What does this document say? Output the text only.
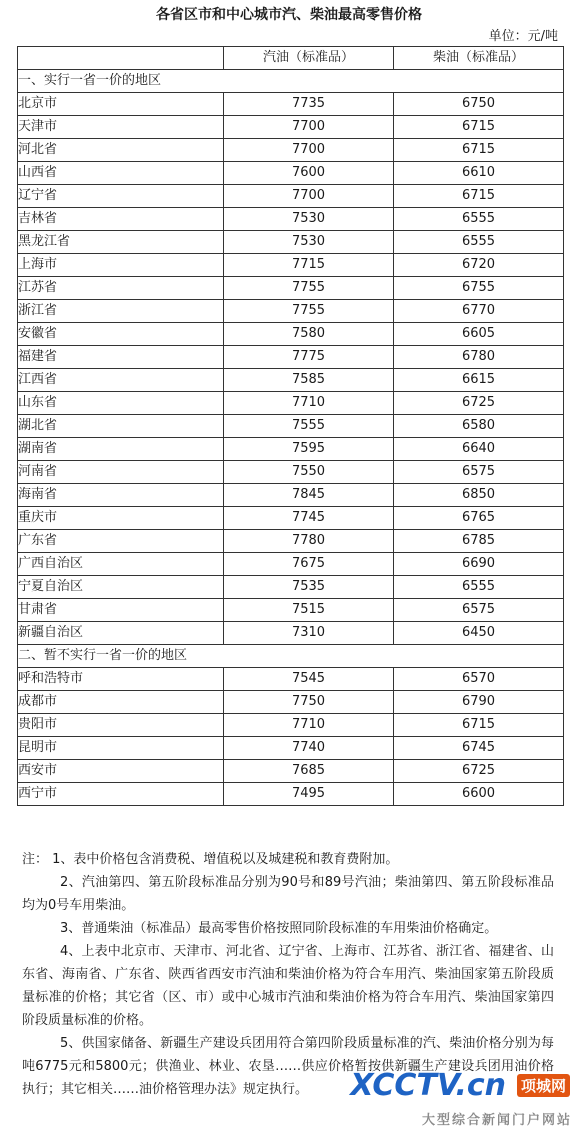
各省区市和中心城市汽、柴油最高零售价格
单位：元/吨
	汽油（标准品）	柴油（标准品）
一、实行一省一价的地区		
北京市	7735	6750
天津市	7700	6715
河北省	7700	6715
山西省	7600	6610
辽宁省	7700	6715
吉林省	7530	6555
黑龙江省	7530	6555
上海市	7715	6720
江苏省	7755	6755
浙江省	7755	6770
安徽省	7580	6605
福建省	7775	6780
江西省	7585	6615
山东省	7710	6725
湖北省	7555	6580
湖南省	7595	6640
河南省	7550	6575
海南省	7845	6850
重庆市	7745	6765
广东省	7780	6785
广西自治区	7675	6690
宁夏自治区	7535	6555
甘肃省	7515	6575
新疆自治区	7310	6450
二、暂不实行一省一价的地区		
呼和浩特市	7545	6570
成都市	7750	6790
贵阳市	7710	6715
昆明市	7740	6745
西安市	7685	6725
西宁市	7495	6600

注： 1、表中价格包含消费税、增值税以及城建税和教育费附加。

2、汽油第四、第五阶段标准品分别为90号和89号汽油；柴油第四、第五阶段标准品均为0号车用柴油。

3、普通柴油（标准品）最高零售价格按照同阶段标准的车用柴油价格确定。

4、上表中北京市、天津市、河北省、辽宁省、上海市、江苏省、浙江省、福建省、山东省、海南省、广东省、陕西省西安市汽油和柴油价格为符合车用汽、柴油国家第五阶段质量标准的价格；其它省（区、市）或中心城市汽油和柴油价格为符合车用汽、柴油国家第四阶段质量标准的价格。

5、供国家储备、新疆生产建设兵团用符合第四阶段质量标准的汽、柴油价格分别为每吨6775元和5800元；供渔业、林业、农垦……供应价格暂按供新疆生产建设兵团用油价格执行；其它相关……油价格管理办法》规定执行。	XCCTV.cn 项城网
大型综合新闻门户网站
